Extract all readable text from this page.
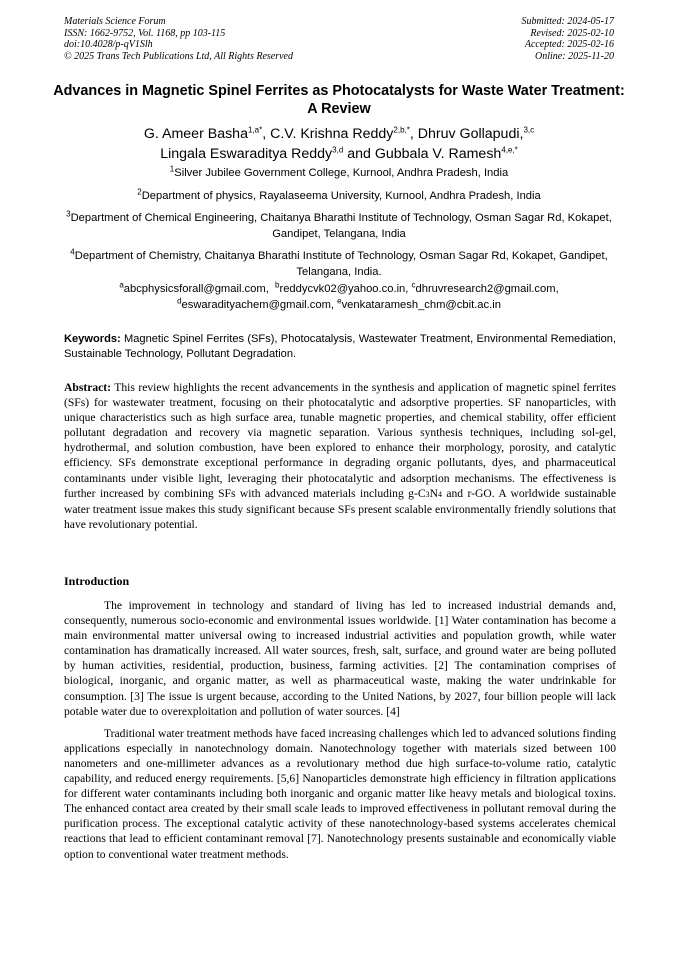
Materials Science Forum
ISSN: 1662-9752, Vol. 1168, pp 103-115
doi:10.4028/p-qV1Slh
© 2025 Trans Tech Publications Ltd, All Rights Reserved
Submitted: 2024-05-17
Revised: 2025-02-10
Accepted: 2025-02-16
Online: 2025-11-20
Advances in Magnetic Spinel Ferrites as Photocatalysts for Waste Water Treatment: A Review
G. Ameer Basha$^{1,a*}$, C.V. Krishna Reddy$^{2,b,*}$, Dhruv Gollapudi,$^{3,c}$
Lingala Eswaraditya Reddy$^{3,d}$ and Gubbala V. Ramesh$^{4,e,*}$
$^1$Silver Jubilee Government College, Kurnool, Andhra Pradesh, India
$^2$Department of physics, Rayalaseema University, Kurnool, Andhra Pradesh, India
$^3$Department of Chemical Engineering, Chaitanya Bharathi Institute of Technology, Osman Sagar Rd, Kokapet, Gandipet, Telangana, India
$^4$Department of Chemistry, Chaitanya Bharathi Institute of Technology, Osman Sagar Rd, Kokapet, Gandipet, Telangana, India.
$^a$abcphysicsforall@gmail.com, $^b$reddycvk02@yahoo.co.in, $^c$dhruvresearch2@gmail.com,
$^d$eswaradityachem@gmail.com, $^e$venkataramesh_chm@cbit.ac.in
Keywords: Magnetic Spinel Ferrites (SFs), Photocatalysis, Wastewater Treatment, Environmental Remediation, Sustainable Technology, Pollutant Degradation.

Abstract: This review highlights the recent advancements in the synthesis and application of magnetic spinel ferrites (SFs) for wastewater treatment, focusing on their photocatalytic and adsorptive properties. SF nanoparticles, with unique characteristics such as high surface area, tunable magnetic properties, and chemical stability, offer efficient pollutant degradation and recovery via magnetic separation. Various synthesis techniques, including sol-gel, hydrothermal, and solution combustion, have been explored to enhance their morphology, porosity, and catalytic efficiency. SFs demonstrate exceptional performance in degrading organic pollutants, dyes, and pharmaceutical contaminants under visible light, leveraging their photocatalytic and adsorption mechanisms. The effectiveness is further increased by combining SFs with advanced materials including g-C3N4 and r-GO. A worldwide sustainable water treatment issue makes this study significant because SFs present scalable environmentally friendly solutions that have revolutionary potential.

Introduction

The improvement in technology and standard of living has led to increased industrial demands and, consequently, numerous socio-economic and environmental issues worldwide. [1] Water contamination has become a main environmental matter universal owing to increased industrial activities and population growth, while water contamination has dramatically increased. All water sources, fresh, salt, surface, and ground water are being polluted by human activities, residential, production, business, farming activities. [2] The contamination comprises of biological, inorganic, and organic matter, as well as pharmaceutical waste, making the water undrinkable for consumption. [3] The issue is urgent because, according to the United Nations, by 2027, four billion people will lack potable water due to overexploitation and pollution of water sources. [4]

Traditional water treatment methods have faced increasing challenges which led to advanced solutions finding applications especially in nanotechnology domain. Nanotechnology together with materials sized between 100 nanometers and one-millimeter advances as a revolutionary method due high surface-to-volume ratio, catalytic capability, and reduced energy requirements. [5,6] Nanoparticles demonstrate high efficiency in filtration applications for different water contaminants including both inorganic and organic matter like heavy metals and biological toxins. The enhanced contact area created by their small scale leads to improved effectiveness in pollutant removal during the purification process. The exceptional catalytic activity of these nanotechnology-based systems accelerates chemical reactions that lead to efficient contaminant removal [7]. Nanotechnology presents sustainable and economically viable option to conventional water treatment methods.
